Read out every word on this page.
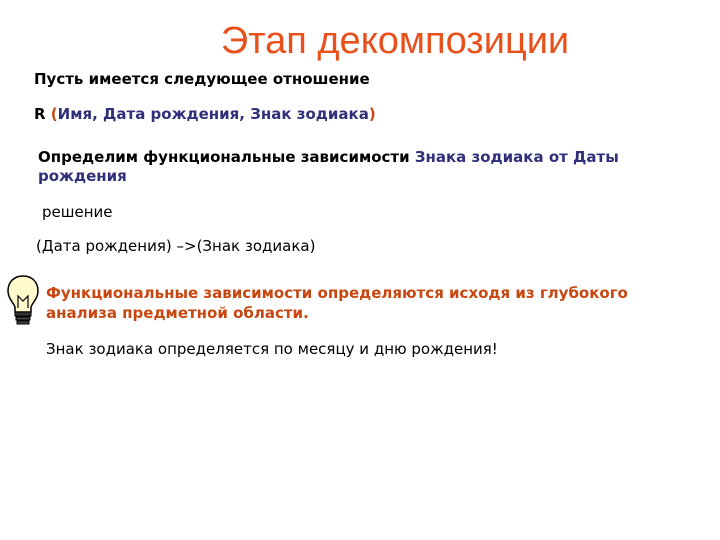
Этап декомпозиции
Пусть имеется следующее отношение
R (Имя, Дата рождения, Знак зодиака)
Определим функциональные зависимости Знака зодиака от Даты
рождения
решение
(Дата рождения) –>(Знак зодиака)
Функциональные зависимости определяются исходя из глубокого
анализа предметной области.
Знак зодиака определяется по месяцу и дню рождения!
